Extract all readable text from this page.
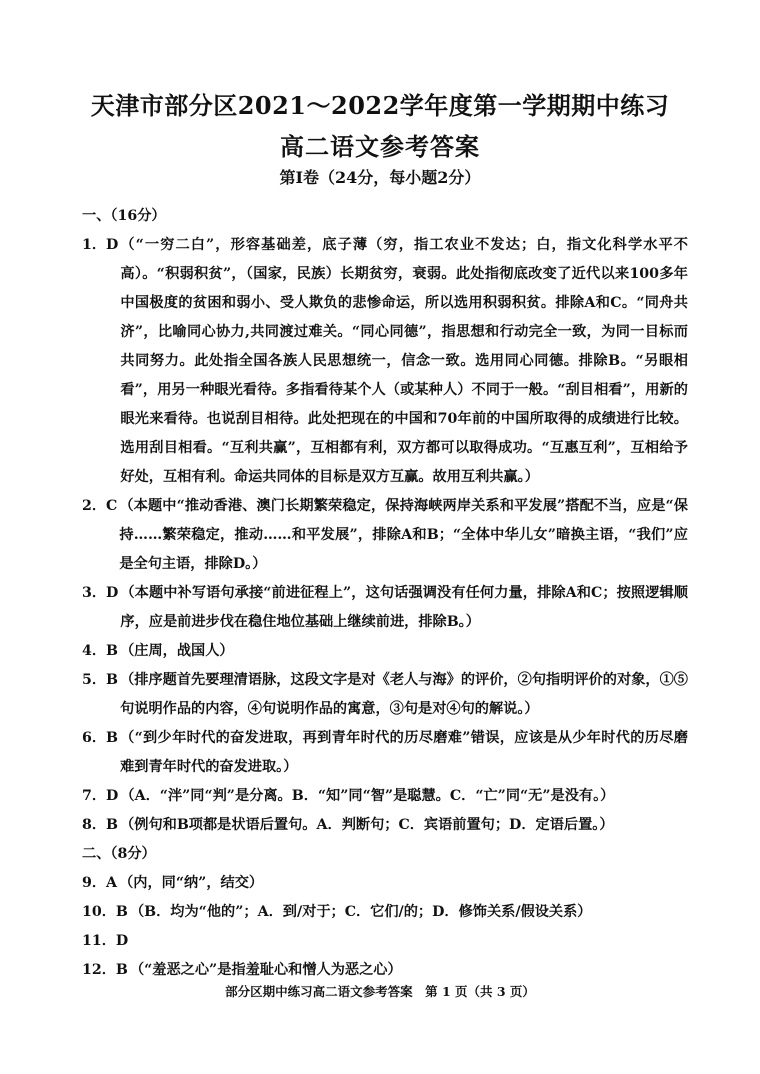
天津市部分区2021～2022学年度第一学期期中练习
高二语文参考答案
第Ⅰ卷（24分，每小题2分）

一、（16分）

1．D （“一穷二白”，形容基础差，底子薄（穷，指工农业不发达；白，指文化科学水平不高）。“积弱积贫”，（国家，民族）长期贫穷，衰弱。此处指彻底改变了近代以来100多年中国极度的贫困和弱小、受人欺负的悲惨命运，所以选用积弱积贫。排除A和C。“同舟共济”，比喻同心协力,共同渡过难关。“同心同德”，指思想和行动完全一致，为同一目标而共同努力。此处指全国各族人民思想统一，信念一致。选用同心同德。排除B。“另眼相看”，用另一种眼光看待。多指看待某个人（或某种人）不同于一般。“刮目相看”，用新的眼光来看待。也说刮目相待。此处把现在的中国和70年前的中国所取得的成绩进行比较。选用刮目相看。“互利共赢”，互相都有利，双方都可以取得成功。“互惠互利”，互相给予好处，互相有利。命运共同体的目标是双方互赢。故用互利共赢。）
2．C （本题中“推动香港、澳门长期繁荣稳定，保持海峡两岸关系和平发展”搭配不当，应是“保持……繁荣稳定，推动……和平发展”，排除A和B；“全体中华儿女”暗换主语，“我们”应是全句主语，排除D。）
3．D （本题中补写语句承接“前进征程上”，这句话强调没有任何力量，排除A和C；按照逻辑顺序，应是前进步伐在稳住地位基础上继续前进，排除B。）
4．B （庄周，战国人）
5．B （排序题首先要理清语脉，这段文字是对《老人与海》的评价，②句指明评价的对象，①⑤句说明作品的内容，④句说明作品的寓意，③句是对④句的解说。）
6．B （“到少年时代的奋发进取，再到青年时代的历尽磨难”错误，应该是从少年时代的历尽磨难到青年时代的奋发进取。）
7．D （A．“泮”同“判”是分离。B．“知”同“智”是聪慧。C．“亡”同“无”是没有。）
8．B （例句和B项都是状语后置句。A．判断句；C．宾语前置句；D．定语后置。）

二、（8分）

9．A （内，同“纳”，结交）
10．B （B．均为“他的”；A．到/对于；C．它们/的；D．修饰关系/假设关系）
11．D
12．B （“羞恶之心”是指羞耻心和憎人为恶之心）
部分区期中练习高二语文参考答案　第 1 页（共 3 页）
